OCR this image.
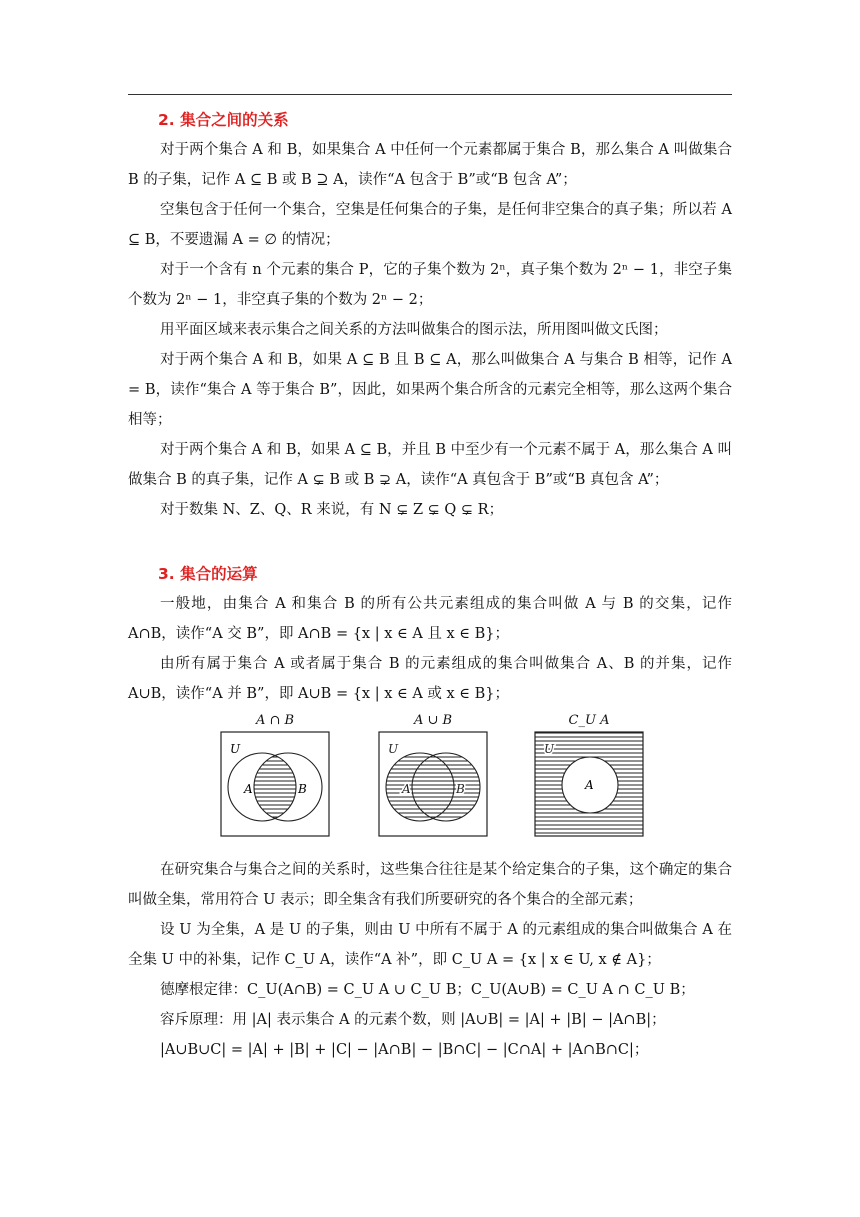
2. 集合之间的关系

对于两个集合 A 和 B，如果集合 A 中任何一个元素都属于集合 B，那么集合 A 叫做集合 B 的子集，记作 A ⊆ B 或 B ⊇ A，读作“A 包含于 B”或“B 包含 A”；

空集包含于任何一个集合，空集是任何集合的子集，是任何非空集合的真子集；所以若 A ⊆ B，不要遗漏 A = ∅ 的情况；

对于一个含有 n 个元素的集合 P，它的子集个数为 2ⁿ，真子集个数为 2ⁿ − 1，非空子集个数为 2ⁿ − 1，非空真子集的个数为 2ⁿ − 2；

用平面区域来表示集合之间关系的方法叫做集合的图示法，所用图叫做文氏图；

对于两个集合 A 和 B，如果 A ⊆ B 且 B ⊆ A，那么叫做集合 A 与集合 B 相等，记作 A = B，读作“集合 A 等于集合 B”，因此，如果两个集合所含的元素完全相等，那么这两个集合相等；

对于两个集合 A 和 B，如果 A ⊆ B，并且 B 中至少有一个元素不属于 A，那么集合 A 叫做集合 B 的真子集，记作 A ⊊ B 或 B ⊋ A，读作“A 真包含于 B”或“B 真包含 A”；

对于数集 N、Z、Q、R 来说，有 N ⊊ Z ⊊ Q ⊊ R；

3. 集合的运算

一般地，由集合 A 和集合 B 的所有公共元素组成的集合叫做 A 与 B 的交集，记作 A∩B，读作“A 交 B”，即 A∩B = {x | x ∈ A 且 x ∈ B}；

由所有属于集合 A 或者属于集合 B 的元素组成的集合叫做集合 A、B 的并集，记作 A∪B，读作“A 并 B”，即 A∪B = {x | x ∈ A 或 x ∈ B}；

A ∩ B
U
A	B
A ∪ B
U
A	B
C_U A
U
A

在研究集合与集合之间的关系时，这些集合往往是某个给定集合的子集，这个确定的集合叫做全集，常用符合 U 表示；即全集含有我们所要研究的各个集合的全部元素；

设 U 为全集，A 是 U 的子集，则由 U 中所有不属于 A 的元素组成的集合叫做集合 A 在全集 U 中的补集，记作 C_U A，读作“A 补”，即 C_U A = {x | x ∈ U, x ∉ A}；

德摩根定律：C_U(A∩B) = C_U A ∪ C_U B；C_U(A∪B) = C_U A ∩ C_U B；

容斥原理：用 |A| 表示集合 A 的元素个数，则 |A∪B| = |A| + |B| − |A∩B|；

|A∪B∪C| = |A| + |B| + |C| − |A∩B| − |B∩C| − |C∩A| + |A∩B∩C|；
